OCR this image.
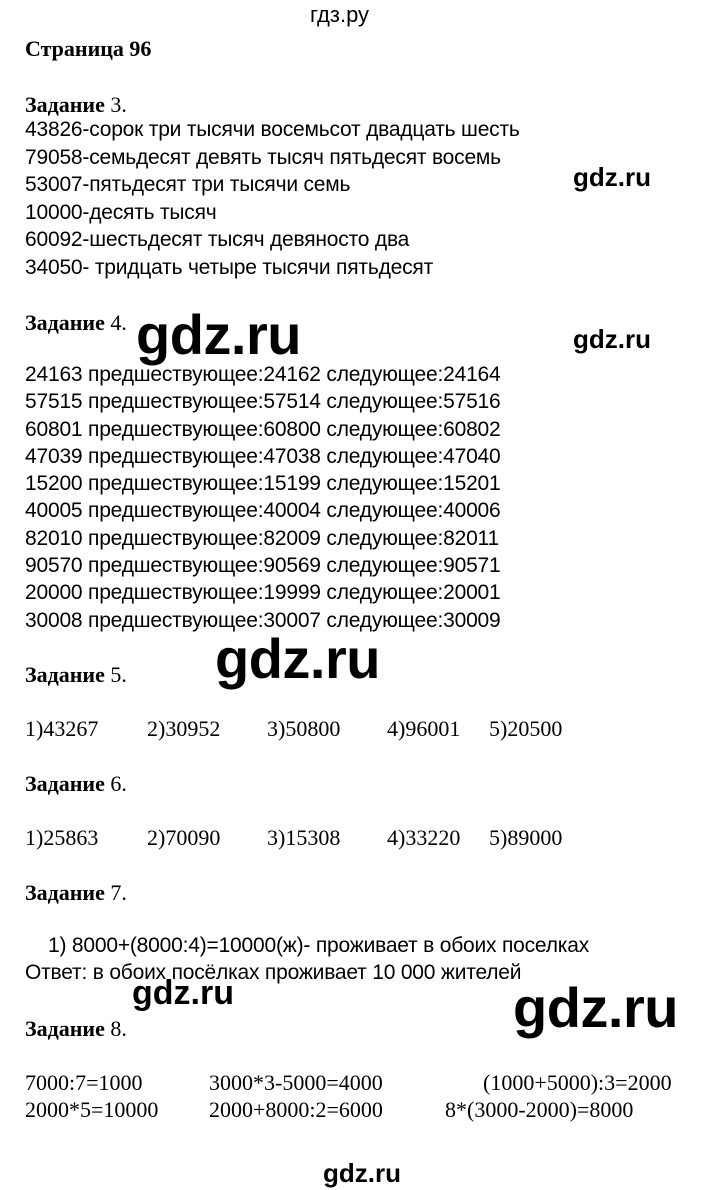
гдз.ру
Страница 96
Задание 3.
43826-сорок три тысячи восемьсот двадцать шесть
79058-семьдесят девять тысяч пятьдесят восемь
53007-пятьдесят три тысячи семь
10000-десять тысяч
60092-шестьдесят тысяч девяносто два
34050- тридцать четыре тысячи пятьдесят
Задание 4.
24163 предшествующее:24162 следующее:24164
57515 предшествующее:57514 следующее:57516
60801 предшествующее:60800 следующее:60802
47039 предшествующее:47038 следующее:47040
15200 предшествующее:15199 следующее:15201
40005 предшествующее:40004 следующее:40006
82010 предшествующее:82009 следующее:82011
90570 предшествующее:90569 следующее:90571
20000 предшествующее:19999 следующее:20001
30008 предшествующее:30007 следующее:30009
Задание 5.
1)43267 2)30952 3)50800 4)96001 5)20500
Задание 6.
1)25863 2)70090 3)15308 4)33220 5)89000
Задание 7.
1) 8000+(8000:4)=10000(ж)- проживает в обоих поселках
Ответ: в обоих посёлках проживает 10 000 жителей
Задание 8.
7000:7=1000	3000*3-5000=4000	(1000+5000):3=2000
2000*5=10000 2000+8000:2=6000	8*(3000-2000)=8000
gdz.ru
gdz.ru	gdz.ru
gdz.ru
gdz.ru	gdz.ru
gdz.ru
